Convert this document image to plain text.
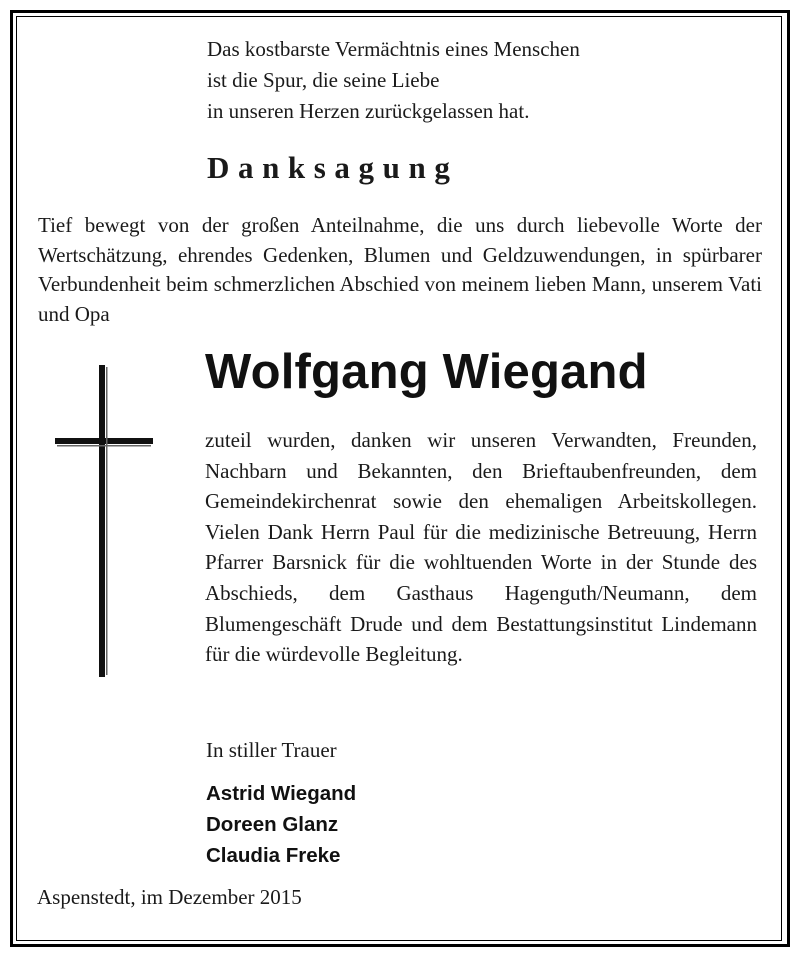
Das kostbarste Vermächtnis eines Menschen
ist die Spur, die seine Liebe
in unseren Herzen zurückgelassen hat.
Danksagung
Tief bewegt von der großen Anteilnahme, die uns durch liebevolle Worte der Wertschätzung, ehrendes Gedenken, Blumen und Geldzuwendungen, in spürbarer Verbundenheit beim schmerzlichen Abschied von meinem lieben Mann, unserem Vati und Opa
Wolfgang Wiegand
zuteil wurden, danken wir unseren Verwandten, Freunden, Nachbarn und Bekannten, den Brieftaubenfreunden, dem Gemeindekirchenrat sowie den ehemaligen Arbeitskollegen. Vielen Dank Herrn Paul für die medizinische Betreuung, Herrn Pfarrer Barsnick für die wohltuenden Worte in der Stunde des Abschieds, dem Gasthaus Hagenguth/Neumann, dem Blumengeschäft Drude und dem Bestattungsinstitut Lindemann für die würdevolle Begleitung.
In stiller Trauer
Astrid Wiegand
Doreen Glanz
Claudia Freke
Aspenstedt, im Dezember 2015
